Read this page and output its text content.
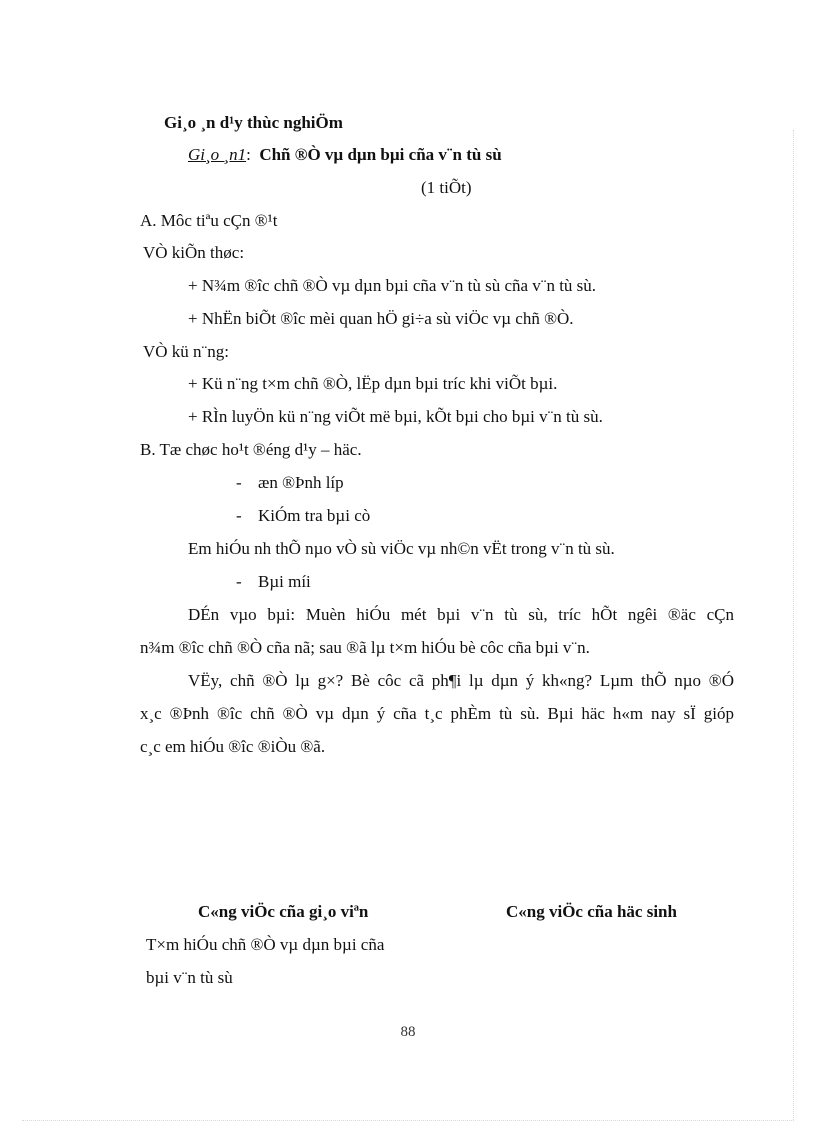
Gi¸o ¸n d¹y thùc nghiÖm
Gi¸o ¸n1: Chñ ®Ò vµ dµn bµi cña v¨n tù sù
(1 tiÕt)
A. Môc tiªu cÇn ®¹t
VÒ kiÕn thøc:
+ N¾m ®îc chñ ®Ò vµ dµn bµi cña v¨n tù sù cña v¨n tù sù.
+ NhËn biÕt ®îc mèi quan hÖ gi÷a sù viÖc vµ chñ ®Ò.
VÒ kü n¨ng:
+ Kü n¨ng t×m chñ ®Ò, lËp dµn bµi tríc khi viÕt bµi.
+ RÌn luyÖn kü n¨ng viÕt më bµi, kÕt bµi cho bµi v¨n tù sù.
B. Tæ chøc ho¹t ®éng d¹y – häc.
- æn ®Þnh líp
- KiÓm tra bµi cò
Em hiÓu nh thÕ nµo vÒ sù viÖc vµ nh©n vËt trong v¨n tù sù.
- Bµi míi
DÉn vµo bµi: Muèn hiÓu mét bµi v¨n tù sù, tríc hÕt ngêi ®äc cÇn
n¾m ®îc chñ ®Ò cña nã; sau ®ã lµ t×m hiÓu bè côc cña bµi v¨n.
VËy, chñ ®Ò lµ g×? Bè côc cã ph¶i lµ dµn ý kh«ng? Lµm thÕ nµo ®Ó
x¸c ®Þnh ®îc chñ ®Ò vµ dµn ý cña t¸c phÈm tù sù. Bµi häc h«m nay sÏ gióp
c¸c em hiÓu ®îc ®iÒu ®ã.
C«ng viÖc cña gi¸o viªn	C«ng viÖc cña häc sinh
T×m hiÓu chñ ®Ò vµ dµn bµi cña
bµi v¨n tù sù
88
